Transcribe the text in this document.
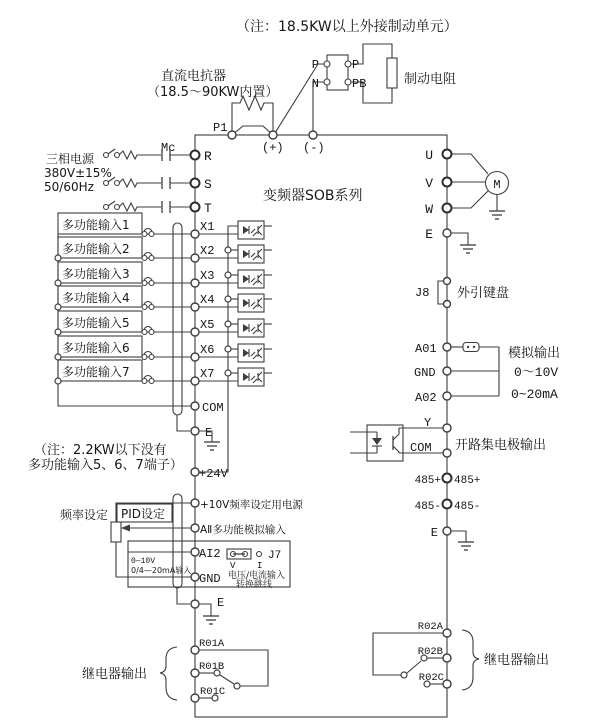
（注：18.5KW以上外接制动单元）
直流电抗器
（18.5～90KW内置）
P
N
P
PB	制动电阻
P1
(+) (-)
三相电源
380V±15%
50/60Hz
Mc
R
S
T
变频器SOB系列
多功能输入1	X1
多功能输入2	X2
多功能输入3	X3
多功能输入4	X4
多功能输入5	X5
多功能输入6	X6
多功能输入7	X7
COM
E
+24V
（注：2.2KW以下没有
多功能输入5、6、7端子）
频率设定 PID设定
0—10V
0/4—20mA输入	V I
J7
电压/电流输入
转换跳线
+10V频率设定用电源
AⅡ多功能模拟输入
AI2
GND
E
R01A
R01B
R01C
继电器输出
M
U
V
W
E
J8 外引键盘
A01
GND
A02
模拟输出
0～10V
0~20mA
Y
COM 开路集电极输出
485+ 485+
485- 485-
E
R02A
R02B
R02C
继电器输出
